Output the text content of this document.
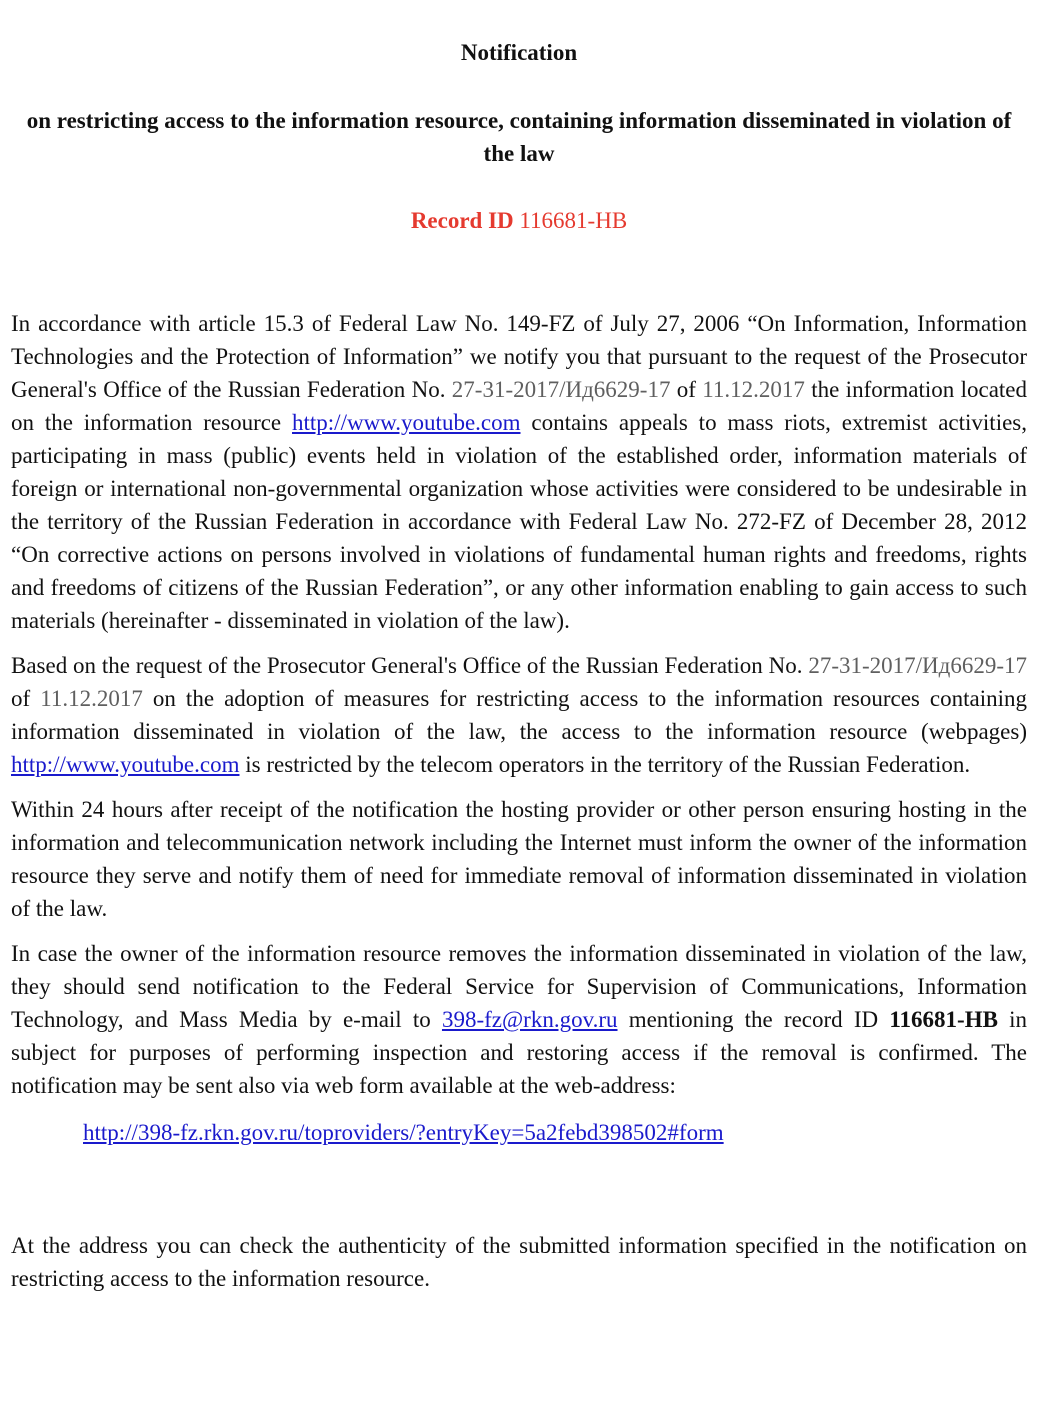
Notification
on restricting access to the information resource, containing information disseminated in violation of the law
Record ID 116681-HB

In accordance with article 15.3 of Federal Law No. 149-FZ of July 27, 2006 “On Information, Information Technologies and the Protection of Information” we notify you that pursuant to the request of the Prosecutor General's Office of the Russian Federation No. 27-31-2017/Ид6629-17 of 11.12.2017 the information located on the information resource http://www.youtube.com contains appeals to mass riots, extremist activities, participating in mass (public) events held in violation of the established order, information materials of foreign or international non-governmental organization whose activities were considered to be undesirable in the territory of the Russian Federation in accordance with Federal Law No. 272-FZ of December 28, 2012 “On corrective actions on persons involved in violations of fundamental human rights and freedoms, rights and freedoms of citizens of the Russian Federation”, or any other information enabling to gain access to such materials (hereinafter - disseminated in violation of the law).

Based on the request of the Prosecutor General's Office of the Russian Federation No. 27-31-2017/Ид6629-17 of 11.12.2017 on the adoption of measures for restricting access to the information resources containing information disseminated in violation of the law, the access to the information resource (webpages) http://www.youtube.com is restricted by the telecom operators in the territory of the Russian Federation.

Within 24 hours after receipt of the notification the hosting provider or other person ensuring hosting in the information and telecommunication network including the Internet must inform the owner of the information resource they serve and notify them of need for immediate removal of information disseminated in violation of the law.

In case the owner of the information resource removes the information disseminated in violation of the law, they should send notification to the Federal Service for Supervision of Communications, Information Technology, and Mass Media by e-mail to 398-fz@rkn.gov.ru mentioning the record ID 116681-HB in subject for purposes of performing inspection and restoring access if the removal is confirmed. The notification may be sent also via web form available at the web-address:

http://398-fz.rkn.gov.ru/toproviders/?entryKey=5a2febd398502#form

At the address you can check the authenticity of the submitted information specified in the notification on restricting access to the information resource.
